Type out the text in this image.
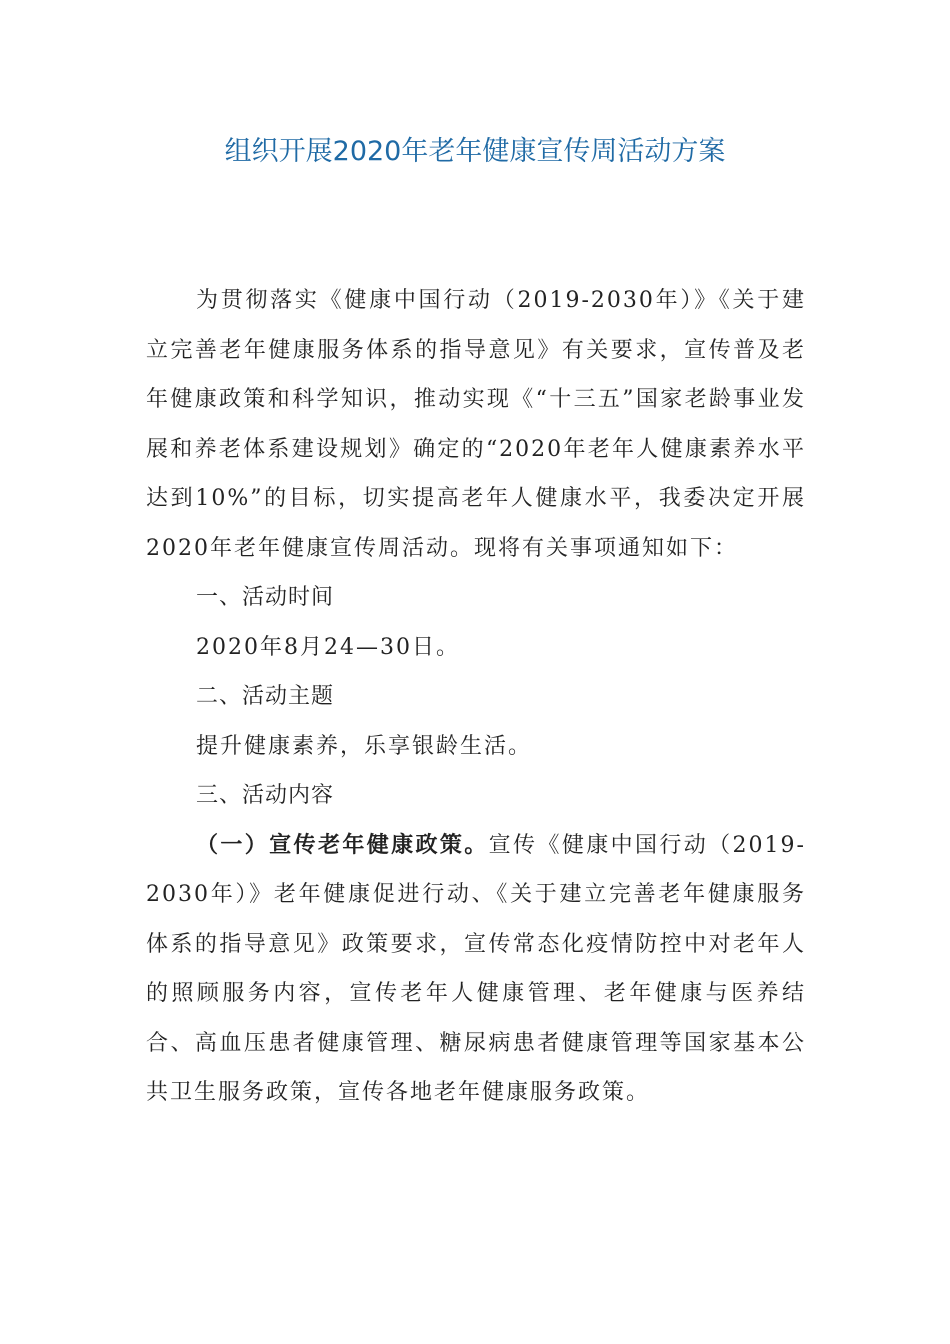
组织开展2020年老年健康宣传周活动方案

为贯彻落实《健康中国行动（2019-2030年）》《关于建立完善老年健康服务体系的指导意见》有关要求，宣传普及老年健康政策和科学知识，推动实现《“十三五”国家老龄事业发展和养老体系建设规划》确定的“2020年老年人健康素养水平达到10%”的目标，切实提高老年人健康水平，我委决定开展2020年老年健康宣传周活动。现将有关事项通知如下：

一、活动时间

2020年8月24—30日。

二、活动主题

提升健康素养，乐享银龄生活。

三、活动内容

（一）宣传老年健康政策。宣传《健康中国行动（2019-2030年）》老年健康促进行动、《关于建立完善老年健康服务体系的指导意见》政策要求，宣传常态化疫情防控中对老年人的照顾服务内容，宣传老年人健康管理、老年健康与医养结合、高血压患者健康管理、糖尿病患者健康管理等国家基本公共卫生服务政策，宣传各地老年健康服务政策。
